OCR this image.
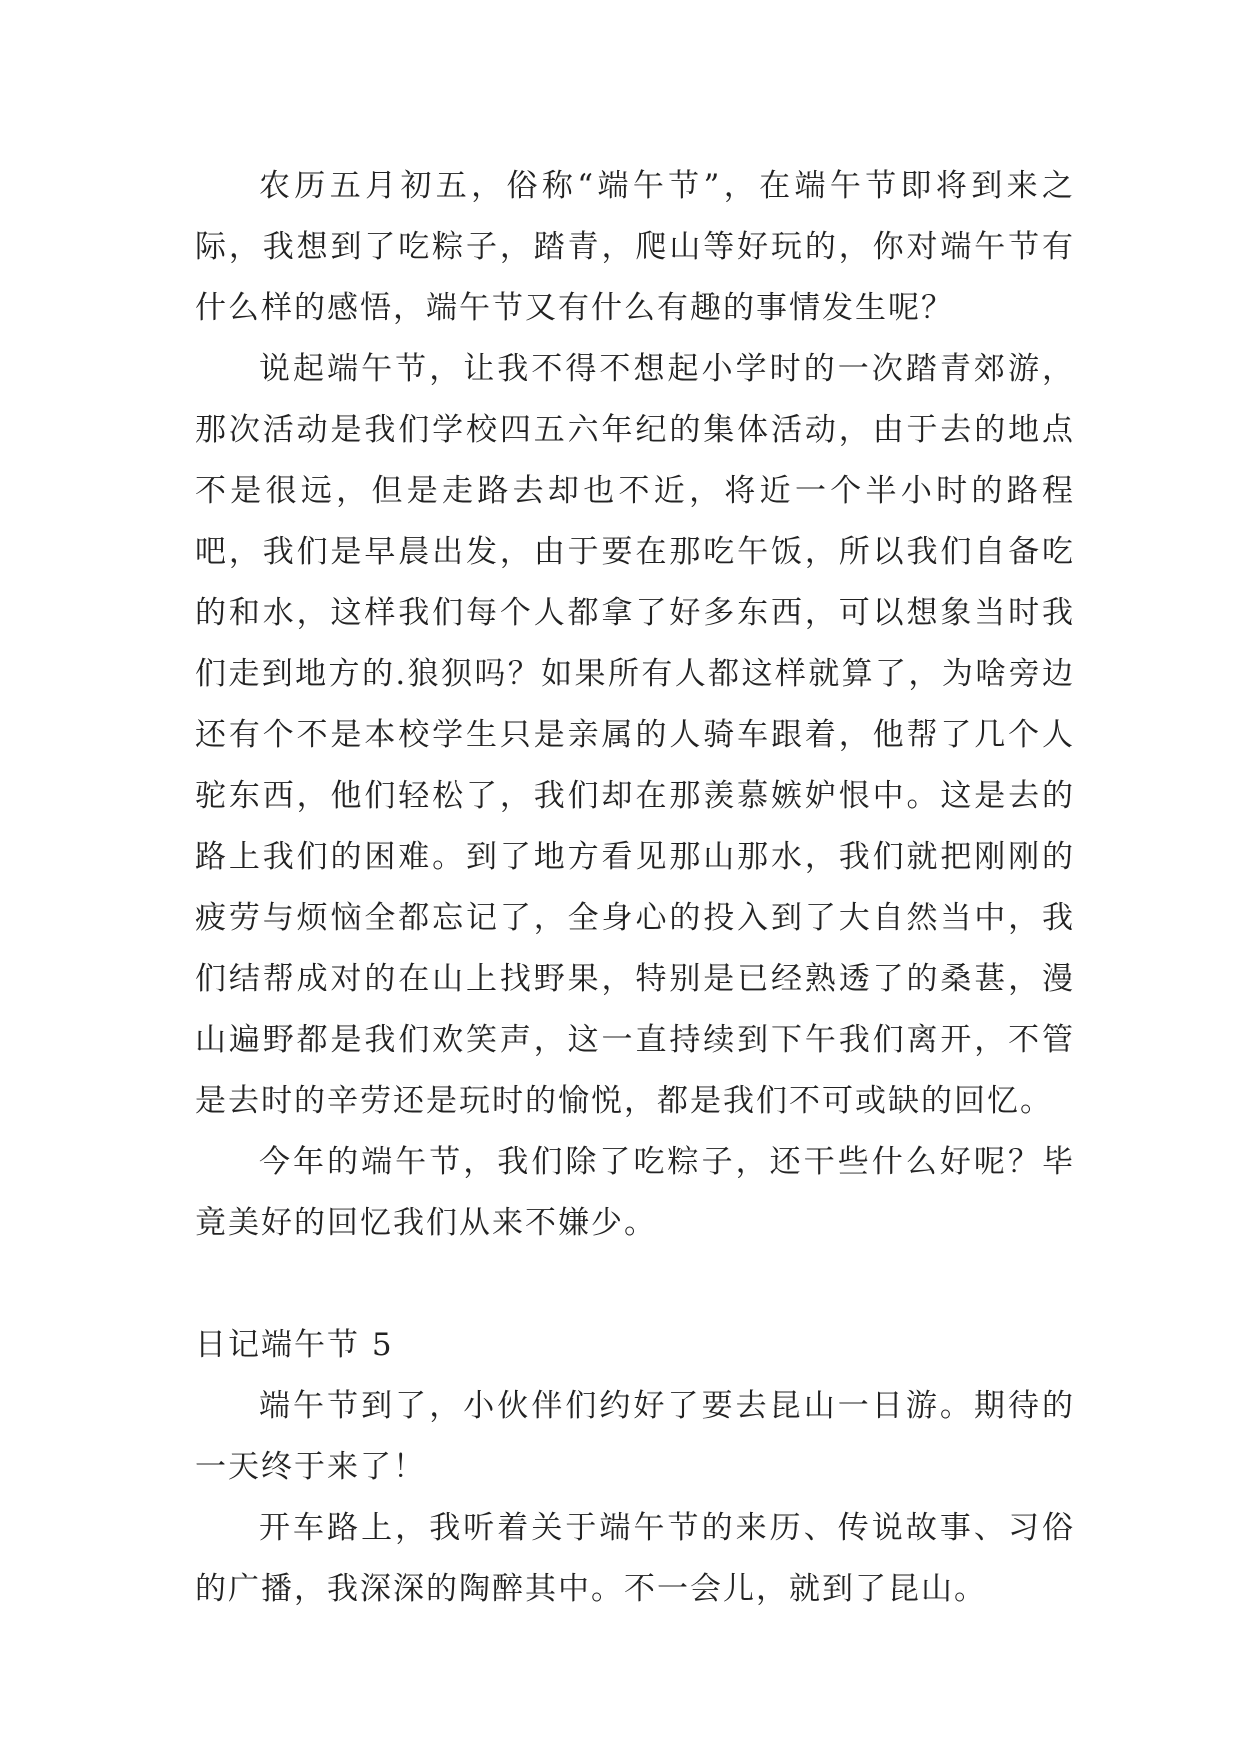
农历五月初五，俗称“端午节”，在端午节即将到来之际，我想到了吃粽子，踏青，爬山等好玩的，你对端午节有什么样的感悟，端午节又有什么有趣的事情发生呢？

说起端午节，让我不得不想起小学时的一次踏青郊游，那次活动是我们学校四五六年纪的集体活动，由于去的地点不是很远，但是走路去却也不近，将近一个半小时的路程吧，我们是早晨出发，由于要在那吃午饭，所以我们自备吃的和水，这样我们每个人都拿了好多东西，可以想象当时我们走到地方的.狼狈吗？如果所有人都这样就算了，为啥旁边还有个不是本校学生只是亲属的人骑车跟着，他帮了几个人驼东西，他们轻松了，我们却在那羡慕嫉妒恨中。这是去的路上我们的困难。到了地方看见那山那水，我们就把刚刚的疲劳与烦恼全都忘记了，全身心的投入到了大自然当中，我们结帮成对的在山上找野果，特别是已经熟透了的桑葚，漫山遍野都是我们欢笑声，这一直持续到下午我们离开，不管是去时的辛劳还是玩时的愉悦，都是我们不可或缺的回忆。

今年的端午节，我们除了吃粽子，还干些什么好呢？毕竟美好的回忆我们从来不嫌少。

日记端午节 5

端午节到了，小伙伴们约好了要去昆山一日游。期待的一天终于来了！

开车路上，我听着关于端午节的来历、传说故事、习俗的广播，我深深的陶醉其中。不一会儿，就到了昆山。
